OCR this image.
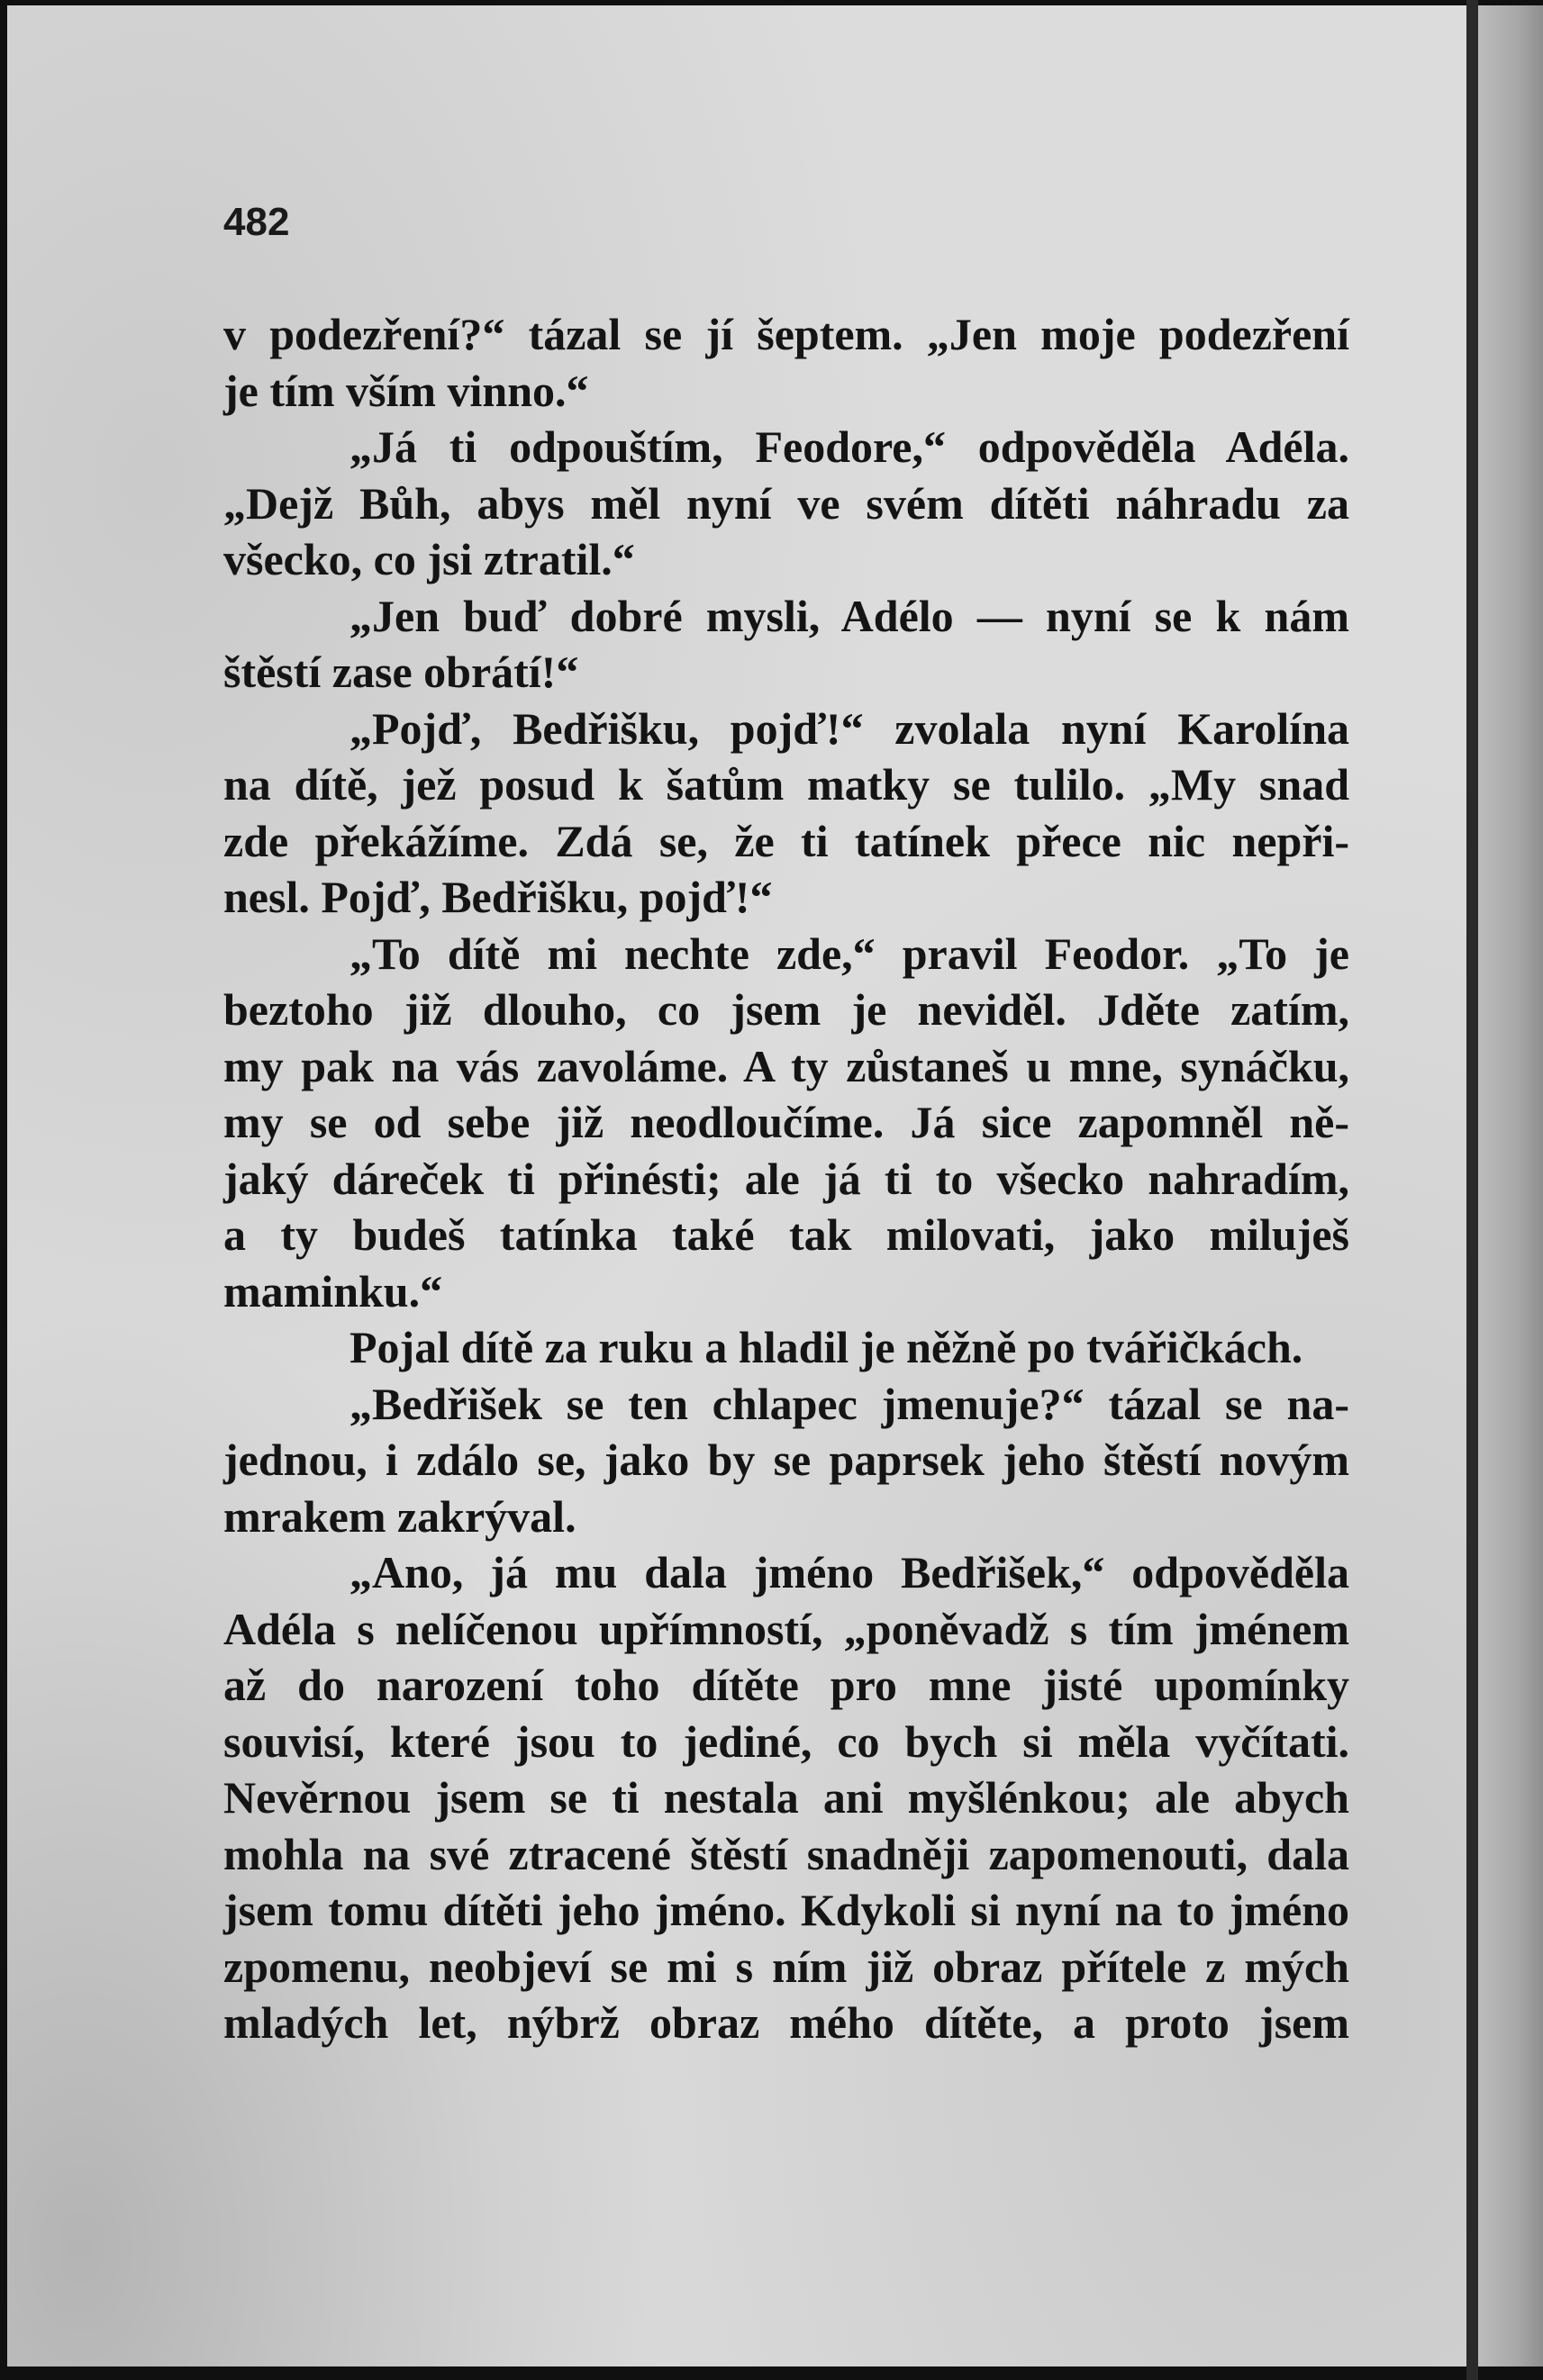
482
v podezření?“ tázal se jí šeptem. „Jen moje podezření
je tím vším vinno.“
„Já ti odpouštím, Feodore,“ odpověděla Adéla.
„Dejž Bůh, abys měl nyní ve svém dítěti náhradu za
všecko, co jsi ztratil.“
„Jen buď dobré mysli, Adélo — nyní se k nám
štěstí zase obrátí!“
„Pojď, Bedřišku, pojď!“ zvolala nyní Karolína
na dítě, jež posud k šatům matky se tulilo. „My snad
zde překážíme. Zdá se, že ti tatínek přece nic nepři-
nesl. Pojď, Bedřišku, pojď!“
„To dítě mi nechte zde,“ pravil Feodor. „To je
beztoho již dlouho, co jsem je neviděl. Jděte zatím,
my pak na vás zavoláme. A ty zůstaneš u mne, synáčku,
my se od sebe již neodloučíme. Já sice zapomněl ně-
jaký dáreček ti přinésti; ale já ti to všecko nahradím,
a ty budeš tatínka také tak milovati, jako miluješ
maminku.“
Pojal dítě za ruku a hladil je něžně po tvářičkách.
„Bedřišek se ten chlapec jmenuje?“ tázal se na-
jednou, i zdálo se, jako by se paprsek jeho štěstí novým
mrakem zakrýval.
„Ano, já mu dala jméno Bedřišek,“ odpověděla
Adéla s nelíčenou upřímností, „poněvadž s tím jménem
až do narození toho dítěte pro mne jisté upomínky
souvisí, které jsou to jediné, co bych si měla vyčítati.
Nevěrnou jsem se ti nestala ani myšlénkou; ale abych
mohla na své ztracené štěstí snadněji zapomenouti, dala
jsem tomu dítěti jeho jméno. Kdykoli si nyní na to jméno
zpomenu, neobjeví se mi s ním již obraz přítele z mých
mladých let, nýbrž obraz mého dítěte, a proto jsem
